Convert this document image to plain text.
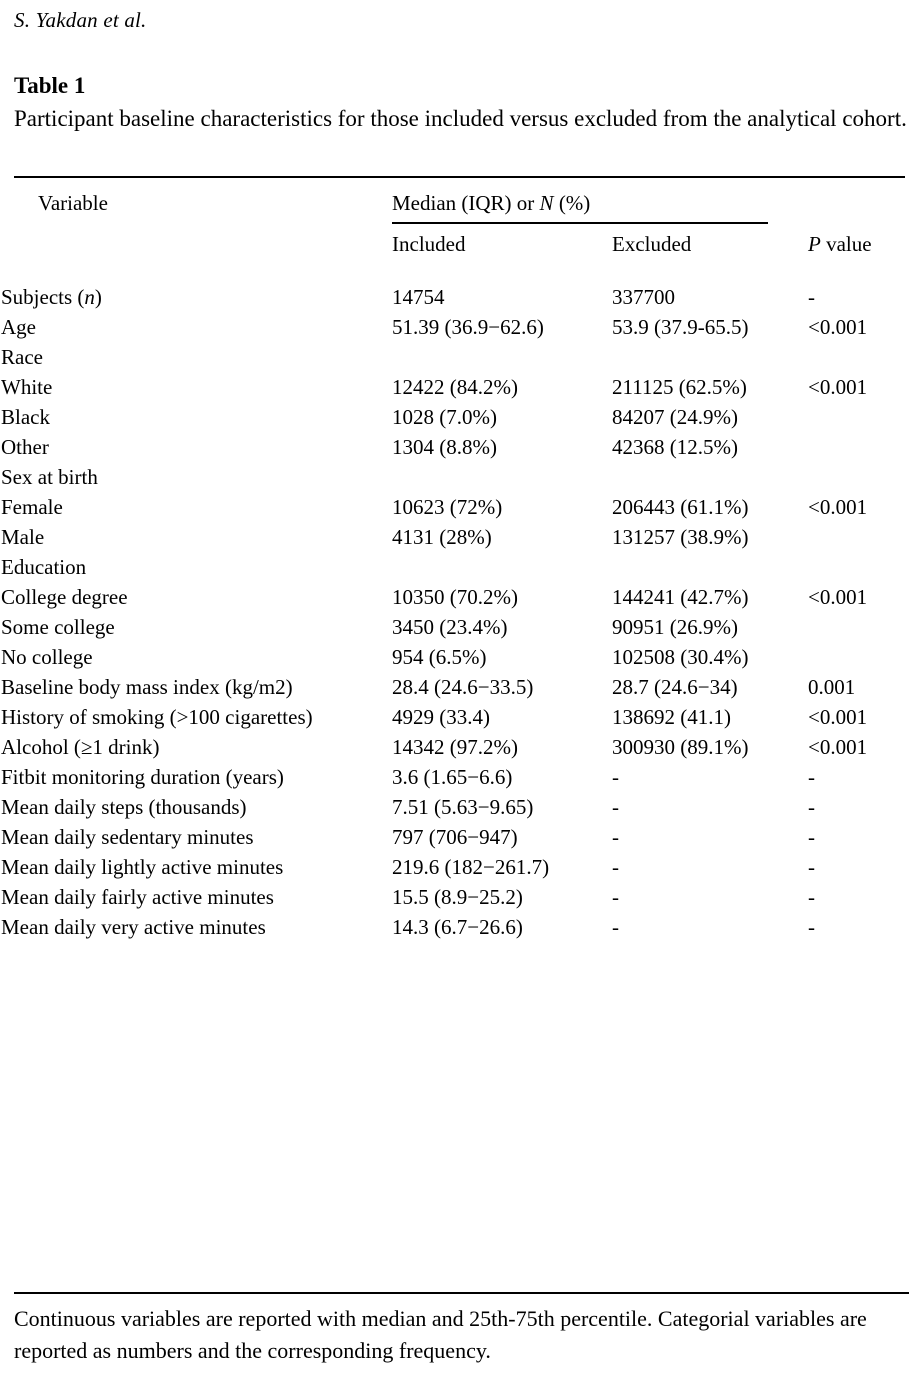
S. Yakdan et al.
Table 1
Participant baseline characteristics for those included versus excluded from the analytical cohort.
Variable	Median (IQR) or N (%)		P value

	Included	Excluded	
Subjects (n)	14754	337700	-
Age	51.39 (36.9−62.6)	53.9 (37.9-65.5)	<0.001
Race			
White	12422 (84.2%)	211125 (62.5%)	<0.001
Black	1028 (7.0%)	84207 (24.9%)	
Other	1304 (8.8%)	42368 (12.5%)	
Sex at birth			
Female	10623 (72%)	206443 (61.1%)	<0.001
Male	4131 (28%)	131257 (38.9%)	
Education			
College degree	10350 (70.2%)	144241 (42.7%)	<0.001
Some college	3450 (23.4%)	90951 (26.9%)	
No college	954 (6.5%)	102508 (30.4%)	
Baseline body mass index (kg/m2)	28.4 (24.6−33.5)	28.7 (24.6−34)	0.001
History of smoking (>100 cigarettes)	4929 (33.4)	138692 (41.1)	<0.001
Alcohol (≥1 drink)	14342 (97.2%)	300930 (89.1%)	<0.001
Fitbit monitoring duration (years)	3.6 (1.65−6.6)	-	-
Mean daily steps (thousands)	7.51 (5.63−9.65)	-	-
Mean daily sedentary minutes	797 (706−947)	-	-
Mean daily lightly active minutes	219.6 (182−261.7)	-	-
Mean daily fairly active minutes	15.5 (8.9−25.2)	-	-
Mean daily very active minutes	14.3 (6.7−26.6)	-	-

Continuous variables are reported with median and 25th-75th percentile. Categorial variables are reported as numbers and the corresponding frequency.
